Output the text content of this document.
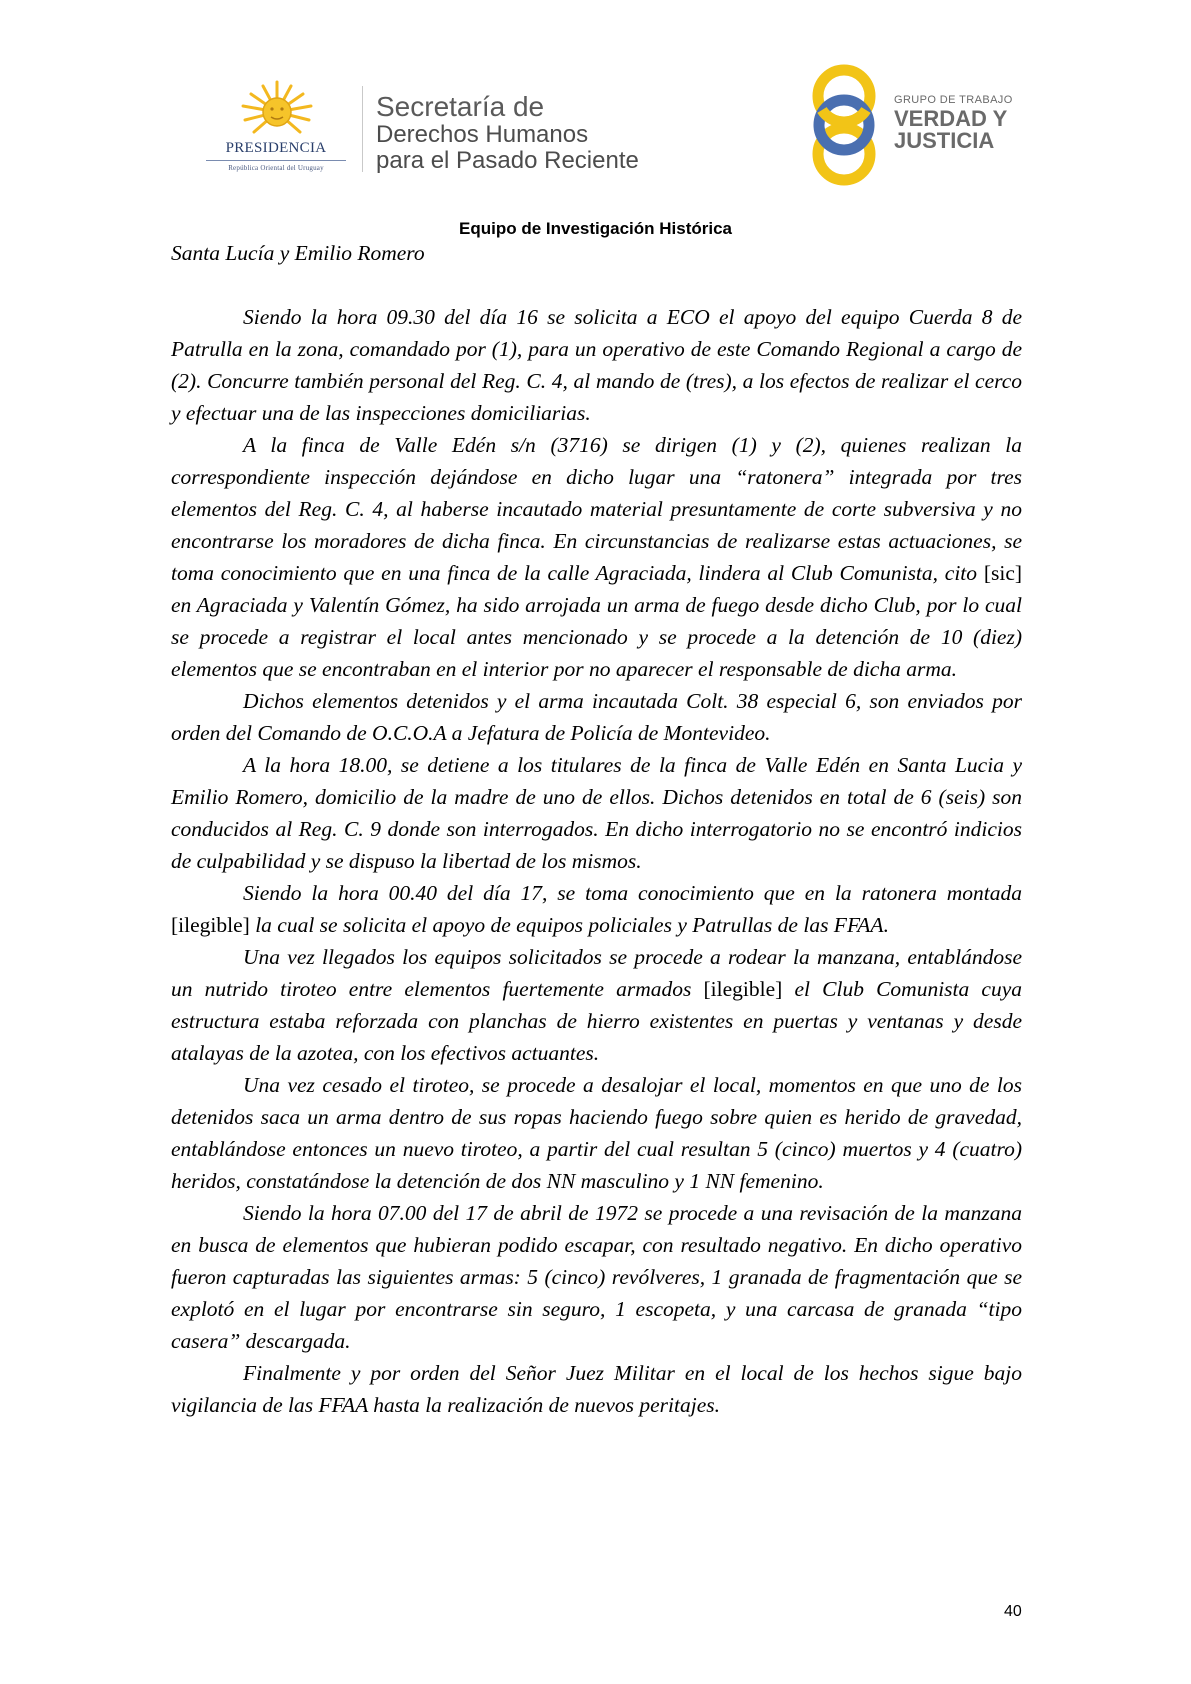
PRESIDENCIA
República Oriental del Uruguay
Secretaría de
Derechos Humanos
para el Pasado Reciente
GRUPO DE TRABAJO
VERDAD Y
JUSTICIA
Equipo de Investigación Histórica

Santa Lucía y Emilio Romero

Siendo la hora 09.30 del día 16 se solicita a ECO el apoyo del equipo Cuerda 8 de Patrulla en la zona, comandado por (1), para un operativo de este Comando Regional a cargo de (2). Concurre también personal del Reg. C. 4, al mando de (tres), a los efectos de realizar el cerco y efectuar una de las inspecciones domiciliarias.

A la finca de Valle Edén s/n (3716) se dirigen (1) y (2), quienes realizan la correspondiente inspección dejándose en dicho lugar una “ratonera” integrada por tres elementos del Reg. C. 4, al haberse incautado material presuntamente de corte subversiva y no encontrarse los moradores de dicha finca. En circunstancias de realizarse estas actuaciones, se toma conocimiento que en una finca de la calle Agraciada, lindera al Club Comunista, cito [sic] en Agraciada y Valentín Gómez, ha sido arrojada un arma de fuego desde dicho Club, por lo cual se procede a registrar el local antes mencionado y se procede a la detención de 10 (diez) elementos que se encontraban en el interior por no aparecer el responsable de dicha arma.

Dichos elementos detenidos y el arma incautada Colt. 38 especial 6, son enviados por orden del Comando de O.C.O.A a Jefatura de Policía de Montevideo.

A la hora 18.00, se detiene a los titulares de la finca de Valle Edén en Santa Lucia y Emilio Romero, domicilio de la madre de uno de ellos. Dichos detenidos en total de 6 (seis) son conducidos al Reg. C. 9 donde son interrogados. En dicho interrogatorio no se encontró indicios de culpabilidad y se dispuso la libertad de los mismos.

Siendo la hora 00.40 del día 17, se toma conocimiento que en la ratonera montada [ilegible] la cual se solicita el apoyo de equipos policiales y Patrullas de las FFAA.

Una vez llegados los equipos solicitados se procede a rodear la manzana, entablándose un nutrido tiroteo entre elementos fuertemente armados [ilegible] el Club Comunista cuya estructura estaba reforzada con planchas de hierro existentes en puertas y ventanas y desde atalayas de la azotea, con los efectivos actuantes.

Una vez cesado el tiroteo, se procede a desalojar el local, momentos en que uno de los detenidos saca un arma dentro de sus ropas haciendo fuego sobre quien es herido de gravedad, entablándose entonces un nuevo tiroteo, a partir del cual resultan 5 (cinco) muertos y 4 (cuatro) heridos, constatándose la detención de dos NN masculino y 1 NN femenino.

Siendo la hora 07.00 del 17 de abril de 1972 se procede a una revisación de la manzana en busca de elementos que hubieran podido escapar, con resultado negativo. En dicho operativo fueron capturadas las siguientes armas: 5 (cinco) revólveres, 1 granada de fragmentación que se explotó en el lugar por encontrarse sin seguro, 1 escopeta, y una carcasa de granada “tipo casera” descargada.

Finalmente y por orden del Señor Juez Militar en el local de los hechos sigue bajo vigilancia de las FFAA hasta la realización de nuevos peritajes.

40
